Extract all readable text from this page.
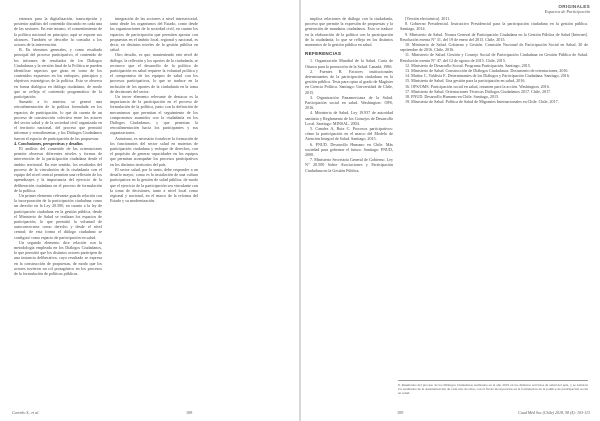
ORIGINALES
Espacios de Participación

estemos para la digitalización, transcripción y posterior análisis del contenido discutido en cada una de las sesiones. En este mismo, el consentimiento de la política nacional en principio; aquí se expone sus alcances. También se describe la consulta a los actores de la intervención.

B. En términos generales, y como resultado principal del proceso participativo, el contenido de los informes de resultados de los Diálogos Ciudadanos y la versión final de la Política se pueden identificar aspectos que giran en torno de los contenidos expuestos en los enfoques, principios y objetivos estratégicos de la política. Esto se observa en forma dialógica en diálogo ciudadano, de modo que se refleja el contenido programático de la participación.

Sumado a lo anterior, se generó una retroalimentación de la política formulada en los espacios de participación, lo que da cuenta de un proceso de construcción colectiva entre los actores del sector salud y de la sociedad civil organizada en el territorio nacional, del proceso que permitió informar y retroalimentar, y los Diálogos Ciudadanos fueron el espacio de participación de las propuestas.

4. Conclusiones, perspectivas y desafíos

El análisis del contenido de las orientaciones permite observar diferentes niveles y formas de intervención de la participación ciudadana desde el ámbito territorial. En este sentido, los resultados del proceso de la vinculación de la ciudadanía con el equipo del nivel central permiten una reflexión de los aprendizajes y la importancia del ejercicio de la deliberación ciudadana en el proceso de formulación de la política.

Un primer elemento relevante guarda relación con la incorporación de la participación ciudadana como un derecho en la Ley 20.500, en cuanto a la ley de participación ciudadana en la gestión pública, desde el Ministerio de Salud se realizan los espacios de participación, lo que permitió la voluntad de autoconvocarse como derecho y desde el nivel central; de esta forma el diálogo ciudadano se configuró como espacio de participación en salud.

Un segundo elemento dice relación con la metodología empleada en los Diálogos Ciudadanos, lo que permitió que los distintos actores participen de una instancia deliberativa, cuyo resultado se expresa en la construcción de propuestas, de modo que los actores tuvieron un rol protagónico en los procesos de la formulación de políticas públicas.

integración de las acciones a nivel intersectorial, tanto desde los organismos del Estado, como desde las organizaciones de la sociedad civil, en cuanto los espacios de participación que permiten aportar con propuestas en el ámbito local, regional y nacional, es decir, en distintos niveles de la gestión pública en salud.

Otro desafío, es que, manteniendo este nivel de diálogo, la reflexión y los aportes de la ciudadanía, se reconoce que el desarrollo de la política de participación en salud requiere la voluntad política y el compromiso de los equipos de salud con los procesos participativos, lo que se traduce en la inclusión de los aportes de la ciudadanía en la toma de decisiones del sector.

Un tercer elemento relevante de destacar es la importancia de la participación en el proceso de formulación de la política, junto con la definición de mecanismos que permitan el seguimiento de los compromisos asumidos con la ciudadanía en los Diálogos Ciudadanos, y que permitan la retroalimentación hacia los participantes y sus organizaciones.

Asimismo, es necesario fortalecer la formación de los funcionarios del sector salud en materias de participación ciudadana y enfoque de derechos, con el propósito de generar capacidades en los equipos que permitan acompañar los procesos participativos en los distintos territorios del país.

El sector salud, por lo tanto, debe responder a un desafío mayor, como es la instalación de una cultura participativa en la gestión de salud pública, de modo que el ejercicio de la participación sea vinculante con la toma de decisiones, tanto a nivel local como regional y nacional, en el marco de la reforma del Estado y su modernización.

implica relaciones de diálogo con la ciudadanía, proceso que permite la expresión de propuestas y la generación de mandatos ciudadanos. Esto se traduce en la elaboración de la política con la participación de la ciudadanía, lo que se refleja en los distintos momentos de la gestión pública en salud.

REFERENCIAS

1. Organización Mundial de la Salud. Carta de Ottawa para la promoción de la Salud. Canadá, 1986.

2. Fuentes B. Factores institucionales determinantes de la participación ciudadana en la gestión pública. Tesis para optar al grado de Magíster en Ciencia Política. Santiago: Universidad de Chile, 2015.

3. Organización Panamericana de la Salud. Participación social en salud. Washington: OPS, 2016.

4. Ministerio de Salud. Ley 19.937 de autoridad sanitaria y Reglamento de los Consejos de Desarrollo Local. Santiago: MINSAL, 2004.

5. Canales A, Ruiz C. Procesos participativos: cómo la participación en el marco del Modelo de Atención Integral de Salud. Santiago, 2015.

6. PNUD. Desarrollo Humano en Chile. Más sociedad para gobernar el futuro. Santiago: PNUD, 2000.

7. Ministerio Secretaría General de Gobierno. Ley N° 20.500 Sobre Asociaciones y Participación Ciudadana en la Gestión Pública.

[Versión electrónica]. 2011.

8. Gobierno Presidencial. Instructivo Presidencial para la participación ciudadana en la gestión pública. Santiago, 2014.

9. Ministerio de Salud. Norma General de Participación Ciudadana en la Gestión Pública de Salud [Internet]. Resolución exenta N° 31, del 19 de enero del 2015. Chile, 2015.

10. Ministerio de Salud. Gobierno y Gestión. Comisión Nacional de Participación Social en Salud, 20 de septiembre de 2016. Chile, 2016.

11. Ministerio de Salud. Gestión y Consejo Social de Participación Ciudadana en Gestión Pública de Salud. Resolución exenta N° 47, del 12 de agosto de 2015. Chile, 2015.

12. Ministerio de Desarrollo Social. Programa Participación. Santiago, 2015.

13. Ministerio de Salud. Construcción de Diálogos Ciudadanos. Documento de orientaciones, 2016.

14. Muñoz C, Valdivia E. Determinantes de los Diálogos y Participación Ciudadana. Santiago, 2016.

15. Ministerio de Salud. Una gestión para la participación en salud, 2016.

16. OPS/OMS. Participación social en salud, resumen para la acción. Washington, 2016.

17. Ministerio de Salud. Orientaciones Técnicas Diálogos Ciudadanos 2017. Chile, 2017.

18. PNUD. Desarrollo Humano en Chile. Santiago, 2015.

19. Ministerio de Salud. Política de Salud de Migrantes Internacionales en Chile. Chile, 2017.

8. Resultados del proceso de los Diálogos Ciudadanos realizados en el año 2016 en los distintos servicios de salud del país, y se tomaron los resultados de la sistematización de cada uno de ellos, con el fin de incorporarlos en la formulación de la política de participación social en salud.
Carreño S., et al.	108	109	Cuad Méd Soc (Chile) 2018, 58 (4): 103-113
